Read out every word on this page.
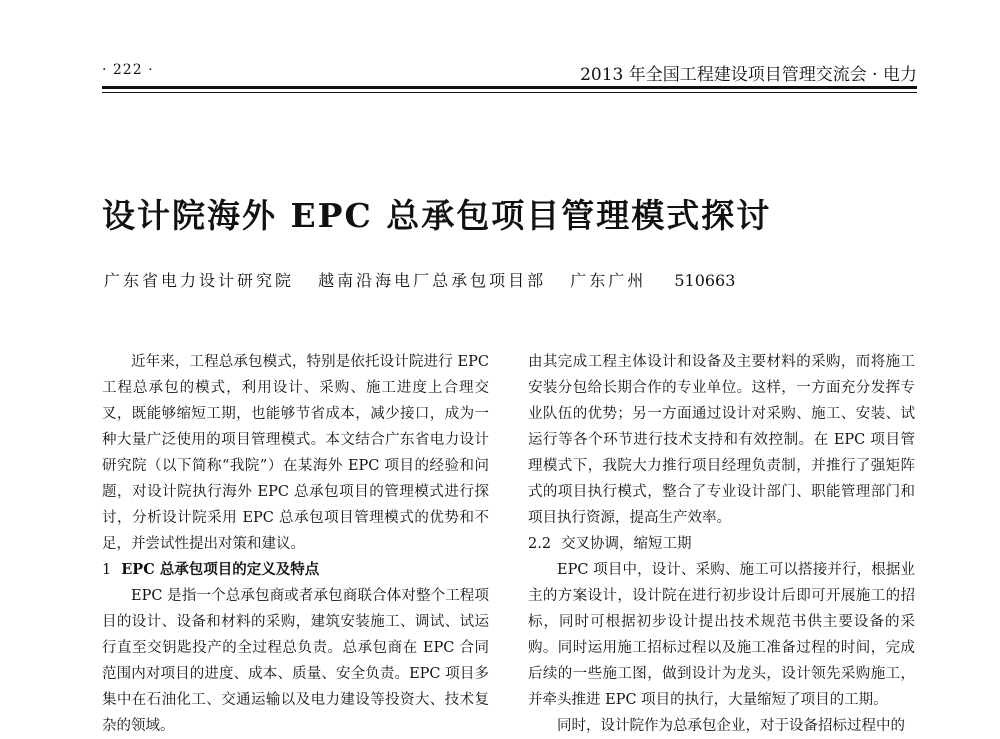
· 222 ·	2013 年全国工程建设项目管理交流会 · 电力
设计院海外 EPC 总承包项目管理模式探讨
广东省电力设计研究院 越南沿海电厂总承包项目部 广东广州 510663

近年来，工程总承包模式，特别是依托设计院进行 EPC 工程总承包的模式，利用设计、采购、施工进度上合理交叉，既能够缩短工期，也能够节省成本，减少接口，成为一种大量广泛使用的项目管理模式。本文结合广东省电力设计研究院（以下简称“我院”）在某海外 EPC 项目的经验和问题，对设计院执行海外 EPC 总承包项目的管理模式进行探讨，分析设计院采用 EPC 总承包项目管理模式的优势和不足，并尝试性提出对策和建议。

1 EPC 总承包项目的定义及特点

EPC 是指一个总承包商或者承包商联合体对整个工程项目的设计、设备和材料的采购，建筑安装施工、调试、试运行直至交钥匙投产的全过程总负责。总承包商在 EPC 合同范围内对项目的进度、成本、质量、安全负责。EPC 项目多集中在石油化工、交通运输以及电力建设等投资大、技术复杂的领域。

由其完成工程主体设计和设备及主要材料的采购，而将施工安装分包给长期合作的专业单位。这样，一方面充分发挥专业队伍的优势；另一方面通过设计对采购、施工、安装、试运行等各个环节进行技术支持和有效控制。在 EPC 项目管理模式下，我院大力推行项目经理负责制，并推行了强矩阵式的项目执行模式，整合了专业设计部门、职能管理部门和项目执行资源，提高生产效率。

2.2 交叉协调，缩短工期

EPC 项目中，设计、采购、施工可以搭接并行，根据业主的方案设计，设计院在进行初步设计后即可开展施工的招标，同时可根据初步设计提出技术规范书供主要设备的采购。同时运用施工招标过程以及施工准备过程的时间，完成后续的一些施工图，做到设计为龙头，设计领先采购施工，并牵头推进 EPC 项目的执行，大量缩短了项目的工期。

同时，设计院作为总承包企业，对于设备招标过程中的
